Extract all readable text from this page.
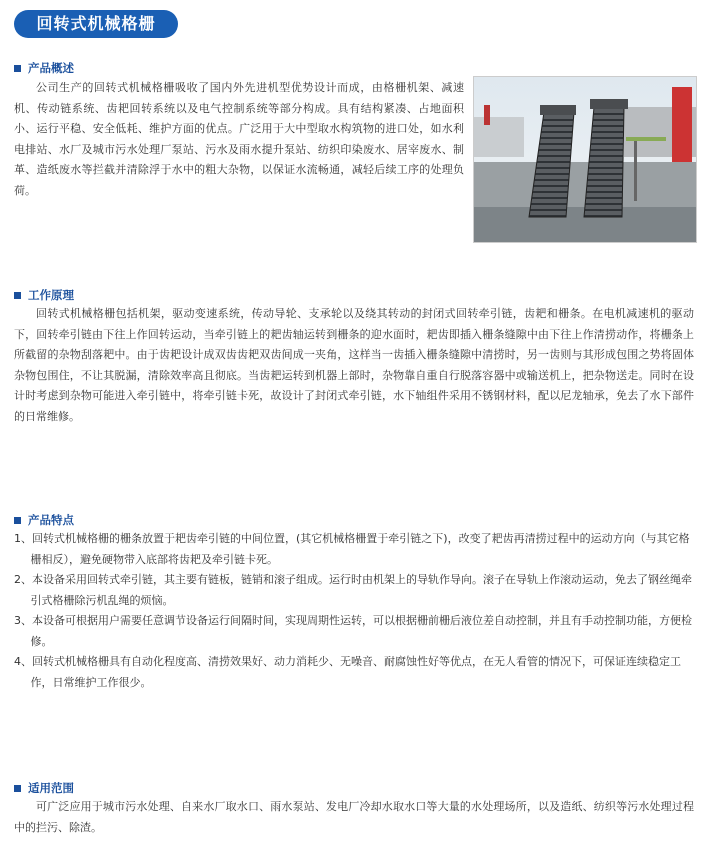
回转式机械格栅
产品概述

公司生产的回转式机械格栅吸收了国内外先进机型优势设计而成，由格栅机架、减速机、传动链系统、齿耙回转系统以及电气控制系统等部分构成。具有结构紧凑、占地面积小、运行平稳、安全低耗、维护方面的优点。广泛用于大中型取水构筑物的进口处，如水利电排站、水厂及城市污水处理厂泵站、污水及雨水提升泵站、纺织印染废水、居宰废水、制革、造纸废水等拦截并清除浮于水中的粗大杂物，以保证水流畅通，减轻后续工序的处理负荷。

工作原理

回转式机械格栅包括机架，驱动变速系统，传动导轮、支承轮以及绕其转动的封闭式回转牵引链，齿耙和栅条。在电机减速机的驱动下，回转牵引链由下往上作回转运动，当牵引链上的耙齿轴运转到栅条的迎水面时，耙齿即插入栅条缝隙中由下往上作清捞动作，将栅条上所截留的杂物刮落耙中。由于齿耙设计成双齿齿耙双齿间成一夹角，这样当一齿插入栅条缝隙中清捞时，另一齿则与其形成包围之势将固体杂物包围住，不让其脱漏，清除效率高且彻底。当齿耙运转到机器上部时，杂物靠自重自行脱落容器中或输送机上，把杂物送走。同时在设计时考虑到杂物可能进入牵引链中，将牵引链卡死，故设计了封闭式牵引链，水下轴组件采用不锈钢材料，配以尼龙轴承，免去了水下部件的日常维修。

产品特点
1、回转式机械格栅的栅条放置于耙齿牵引链的中间位置，(其它机械格栅置于牵引链之下)，改变了耙齿再清捞过程中的运动方向（与其它格栅相反），避免硬物带入底部将齿耙及牵引链卡死。
2、本设备采用回转式牵引链，其主要有链板，链销和滚子组成。运行时由机架上的导轨作导向。滚子在导轨上作滚动运动，免去了钢丝绳牵引式格栅除污机乱绳的烦恼。
3、本设备可根据用户需要任意调节设备运行间隔时间，实现周期性运转，可以根据栅前栅后液位差自动控制，并且有手动控制功能，方便检修。
4、回转式机械格栅具有自动化程度高、清捞效果好、动力消耗少、无噪音、耐腐蚀性好等优点，在无人看管的情况下，可保证连续稳定工作，日常维护工作很少。
适用范围

可广泛应用于城市污水处理、自来水厂取水口、雨水泵站、发电厂冷却水取水口等大量的水处理场所，以及造纸、纺织等污水处理过程中的拦污、除渣。
